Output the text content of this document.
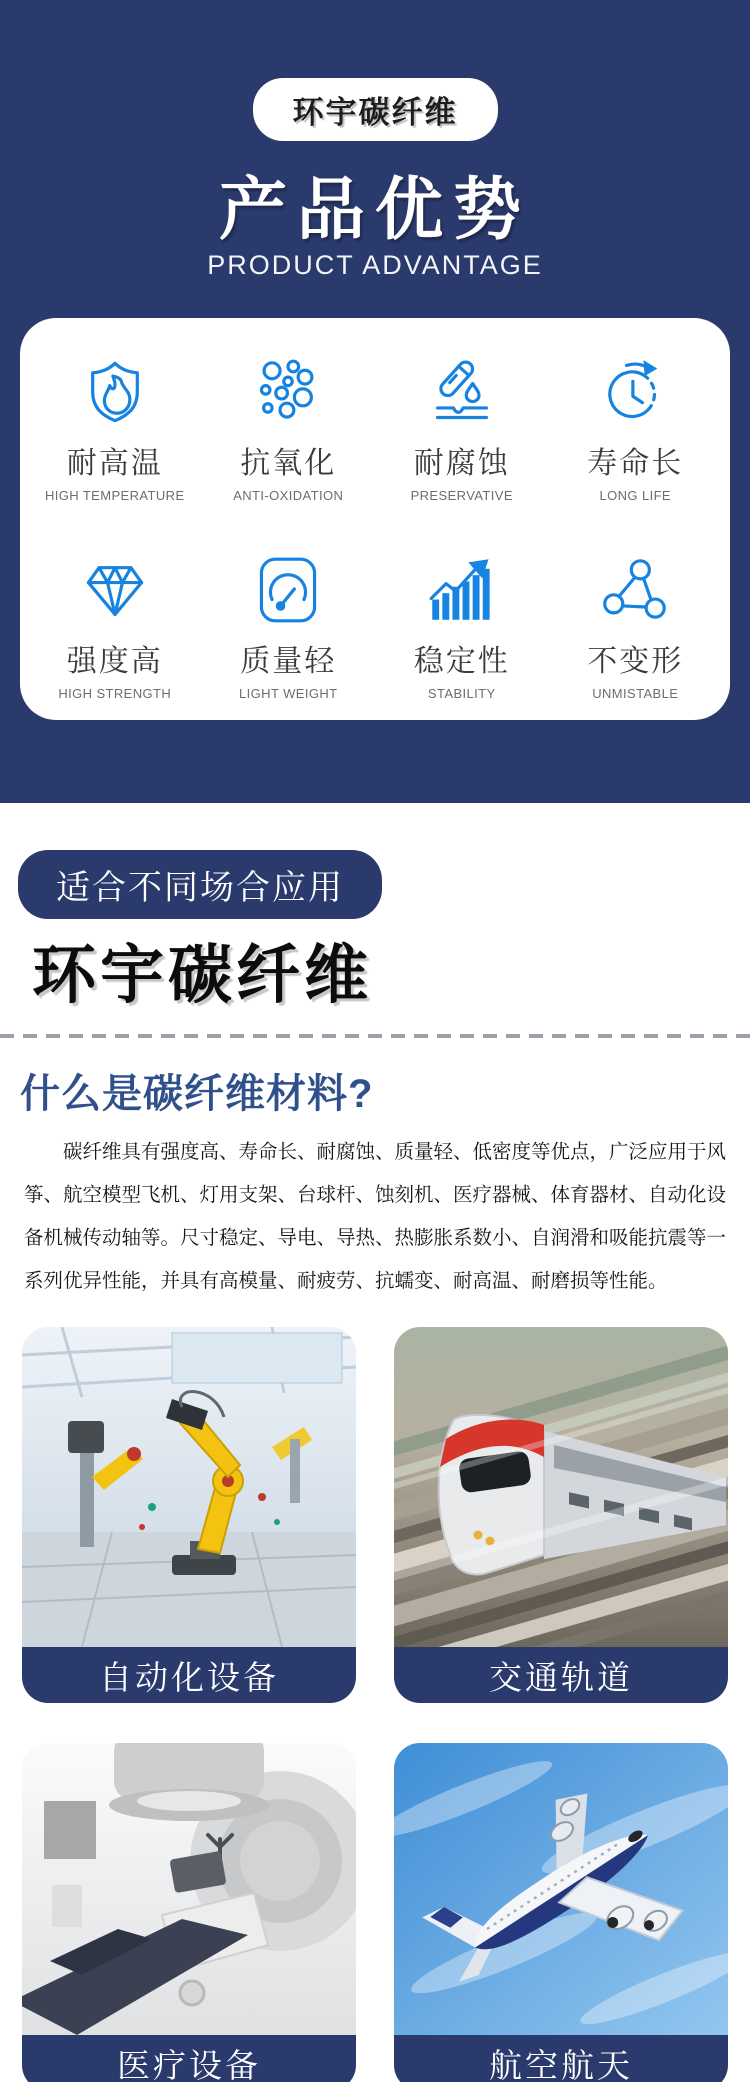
环宇碳纤维
产品优势
PRODUCT ADVANTAGE
耐高温
HIGH TEMPERATURE
抗氧化
ANTI-OXIDATION
耐腐蚀
PRESERVATIVE
寿命长
LONG LIFE
强度高
HIGH STRENGTH
质量轻
LIGHT WEIGHT
稳定性
STABILITY
不变形
UNMISTABLE
适合不同场合应用
环宇碳纤维
什么是碳纤维材料?

碳纤维具有强度高、寿命长、耐腐蚀、质量轻、低密度等优点，广泛应用于风筝、航空模型飞机、灯用支架、台球杆、蚀刻机、医疗器械、体育器材、自动化设备机械传动轴等。尺寸稳定、导电、导热、热膨胀系数小、自润滑和吸能抗震等一系列优异性能，并具有高模量、耐疲劳、抗蠕变、耐高温、耐磨损等性能。

自动化设备	交通轨道
医疗设备	航空航天
